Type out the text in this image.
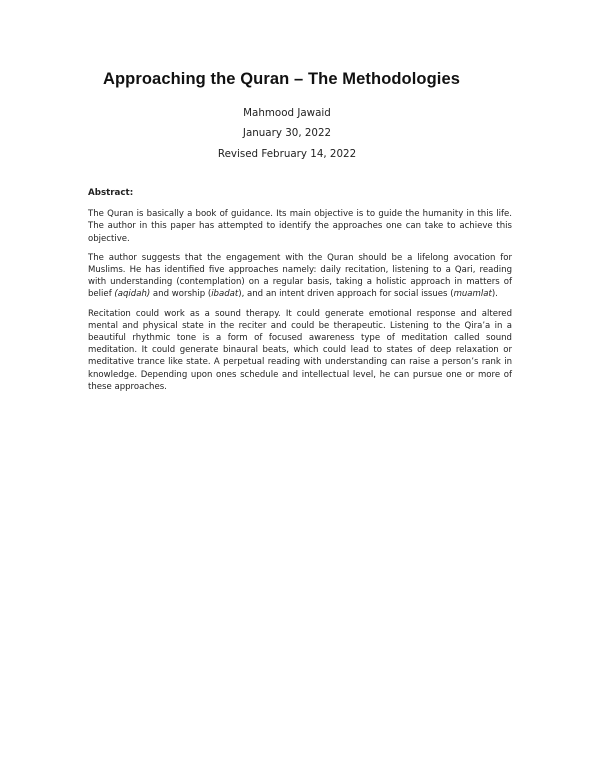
Approaching the Quran – The Methodologies
Mahmood Jawaid
January 30, 2022
Revised February 14, 2022

Abstract:

The Quran is basically a book of guidance. Its main objective is to guide the humanity in this life. The author in this paper has attempted to identify the approaches one can take to achieve this objective.

The author suggests that the engagement with the Quran should be a lifelong avocation for Muslims. He has identified five approaches namely: daily recitation, listening to a Qari, reading with understanding (contemplation) on a regular basis, taking a holistic approach in matters of belief (aqidah) and worship (ibadat), and an intent driven approach for social issues (muamlat).

Recitation could work as a sound therapy. It could generate emotional response and altered mental and physical state in the reciter and could be therapeutic. Listening to the Qira’a in a beautiful rhythmic tone is a form of focused awareness type of meditation called sound meditation. It could generate binaural beats, which could lead to states of deep relaxation or meditative trance like state. A perpetual reading with understanding can raise a person’s rank in knowledge. Depending upon ones schedule and intellectual level, he can pursue one or more of these approaches.
